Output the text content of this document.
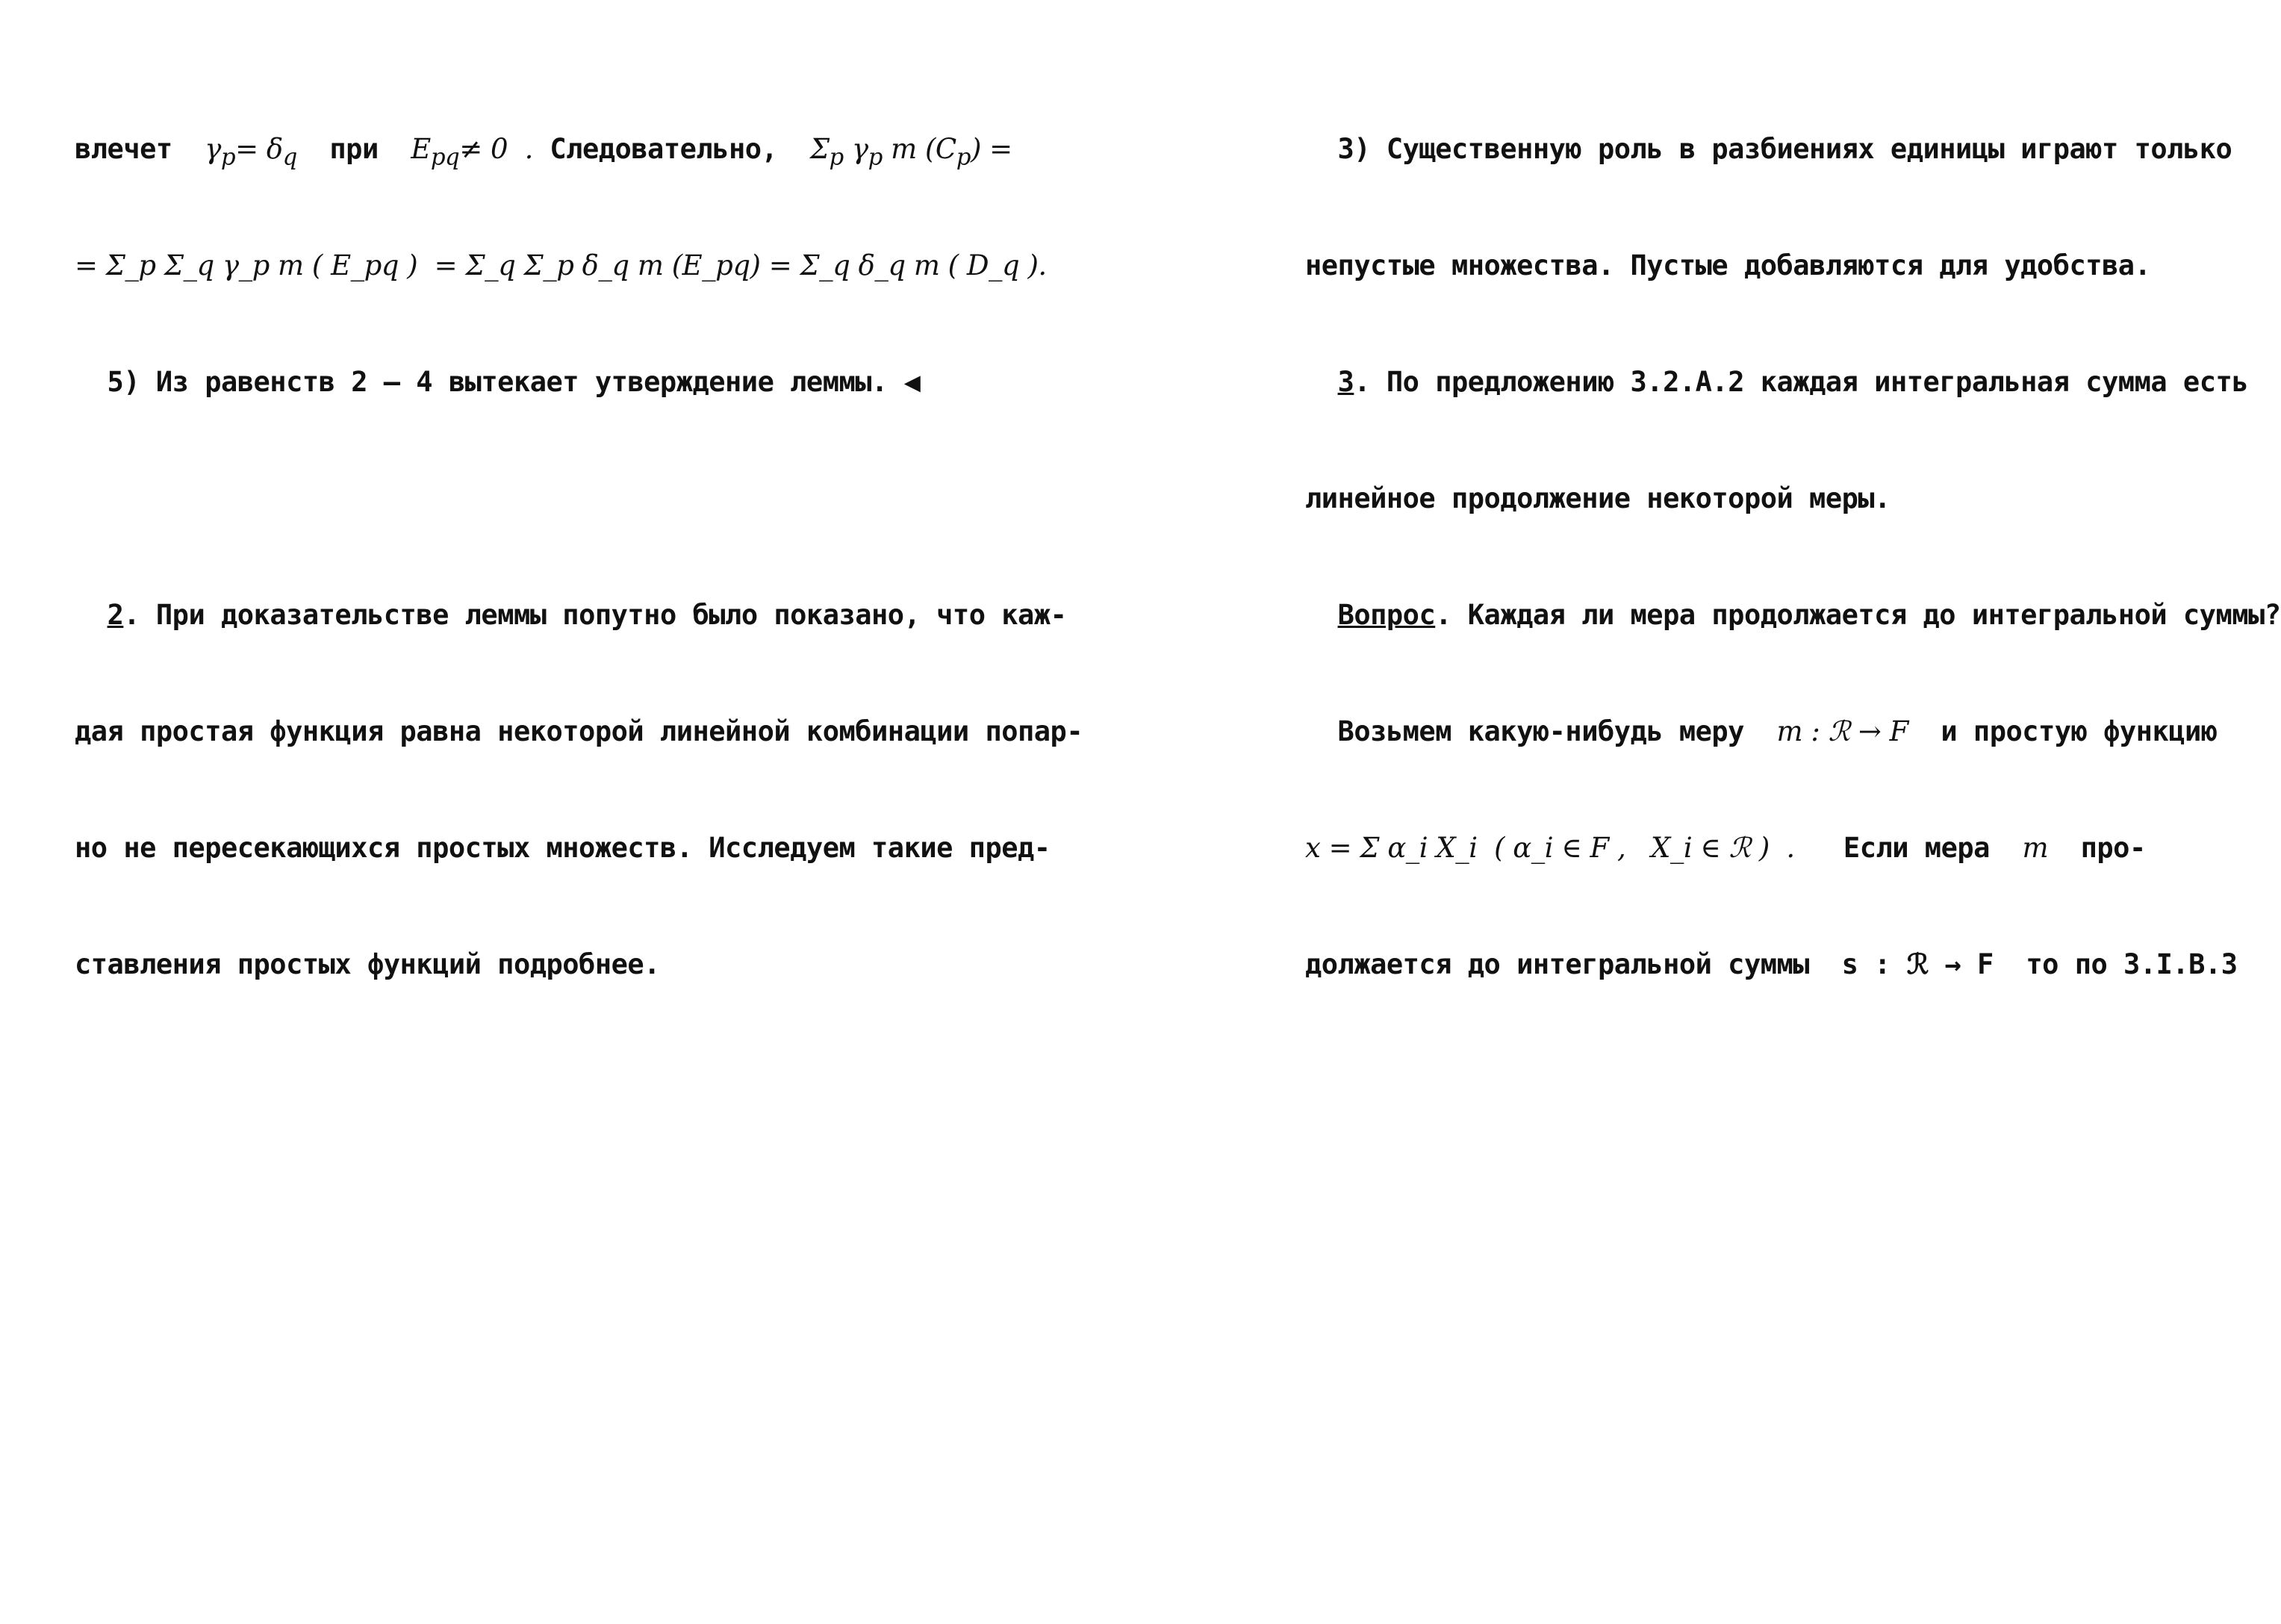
влечет  $\gamma_p= \delta_q$  при  $E_{pq}\ne 0$  .  Следовательно,  $\Sigma_p$ $\gamma_p$ m $(C_p)$ =

= Σ_p Σ_q γ_p m ( E_pq )  = Σ_q Σ_p δ_q m (E_pq) = Σ_q δ_q m ( D_q ).

5) Из равенств 2 – 4 вытекает утверждение леммы. ◀

2. При доказательстве леммы попутно было показано, что каж-

дая простая функция равна некоторой линейной комбинации попар-

но не пересекающихся простых множеств. Исследуем такие пред-

ставления простых функций подробнее.

3) Существенную роль в разбиениях единицы играют только

непустые множества. Пустые добавляются для удобства.

3. По предложению 3.2.А.2 каждая интегральная сумма есть

линейное продолжение некоторой меры.

Вопрос. Каждая ли мера продолжается до интегральной суммы?

Возьмем какую-нибудь меру  m : ℛ → F  и простую функцию

x = Σ α_i X_i  ( α_i ∈ F ,   X_i ∈ ℛ )  .   Если мера  m  про-

должается до интегральной суммы  s : ℛ → F  то по 3.I.B.3
